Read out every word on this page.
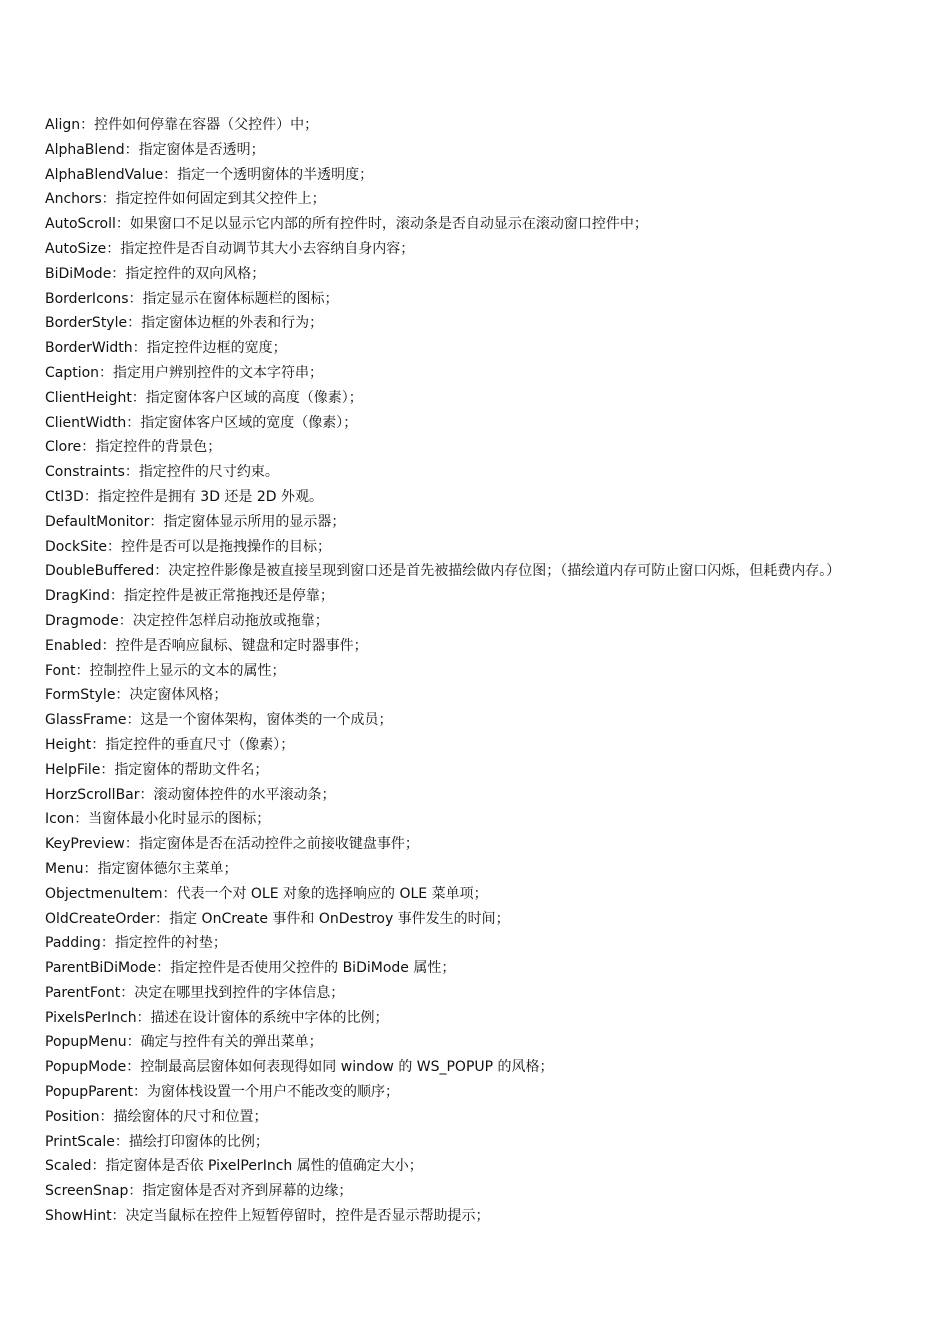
Align：控件如何停靠在容器（父控件）中；

AlphaBlend：指定窗体是否透明；

AlphaBlendValue：指定一个透明窗体的半透明度；

Anchors：指定控件如何固定到其父控件上；

AutoScroll：如果窗口不足以显示它内部的所有控件时，滚动条是否自动显示在滚动窗口控件中；

AutoSize：指定控件是否自动调节其大小去容纳自身内容；

BiDiMode：指定控件的双向风格；

BorderIcons：指定显示在窗体标题栏的图标；

BorderStyle：指定窗体边框的外表和行为；

BorderWidth：指定控件边框的宽度；

Caption：指定用户辨别控件的文本字符串；

ClientHeight：指定窗体客户区域的高度（像素）；

ClientWidth：指定窗体客户区域的宽度（像素）；

Clore：指定控件的背景色；

Constraints：指定控件的尺寸约束。

Ctl3D：指定控件是拥有 3D 还是 2D 外观。

DefaultMonitor：指定窗体显示所用的显示器；

DockSite：控件是否可以是拖拽操作的目标；

DoubleBuffered：决定控件影像是被直接呈现到窗口还是首先被描绘做内存位图；（描绘道内存可防止窗口闪烁，但耗费内存。）

DragKind：指定控件是被正常拖拽还是停靠；

Dragmode：决定控件怎样启动拖放或拖靠；

Enabled：控件是否响应鼠标、键盘和定时器事件；

Font：控制控件上显示的文本的属性；

FormStyle：决定窗体风格；

GlassFrame：这是一个窗体架构，窗体类的一个成员；

Height：指定控件的垂直尺寸（像素）；

HelpFile：指定窗体的帮助文件名；

HorzScrollBar：滚动窗体控件的水平滚动条；

Icon：当窗体最小化时显示的图标；

KeyPreview：指定窗体是否在活动控件之前接收键盘事件；

Menu：指定窗体德尔主菜单；

ObjectmenuItem：代表一个对 OLE 对象的选择响应的 OLE 菜单项；

OldCreateOrder：指定 OnCreate 事件和 OnDestroy 事件发生的时间；

Padding：指定控件的衬垫；

ParentBiDiMode：指定控件是否使用父控件的 BiDiMode 属性；

ParentFont：决定在哪里找到控件的字体信息；

PixelsPerInch：描述在设计窗体的系统中字体的比例；

PopupMenu：确定与控件有关的弹出菜单；

PopupMode：控制最高层窗体如何表现得如同 window 的 WS_POPUP 的风格；

PopupParent：为窗体栈设置一个用户不能改变的顺序；

Position：描绘窗体的尺寸和位置；

PrintScale：描绘打印窗体的比例；

Scaled：指定窗体是否依 PixelPerInch 属性的值确定大小；

ScreenSnap：指定窗体是否对齐到屏幕的边缘；

ShowHint：决定当鼠标在控件上短暂停留时，控件是否显示帮助提示；
